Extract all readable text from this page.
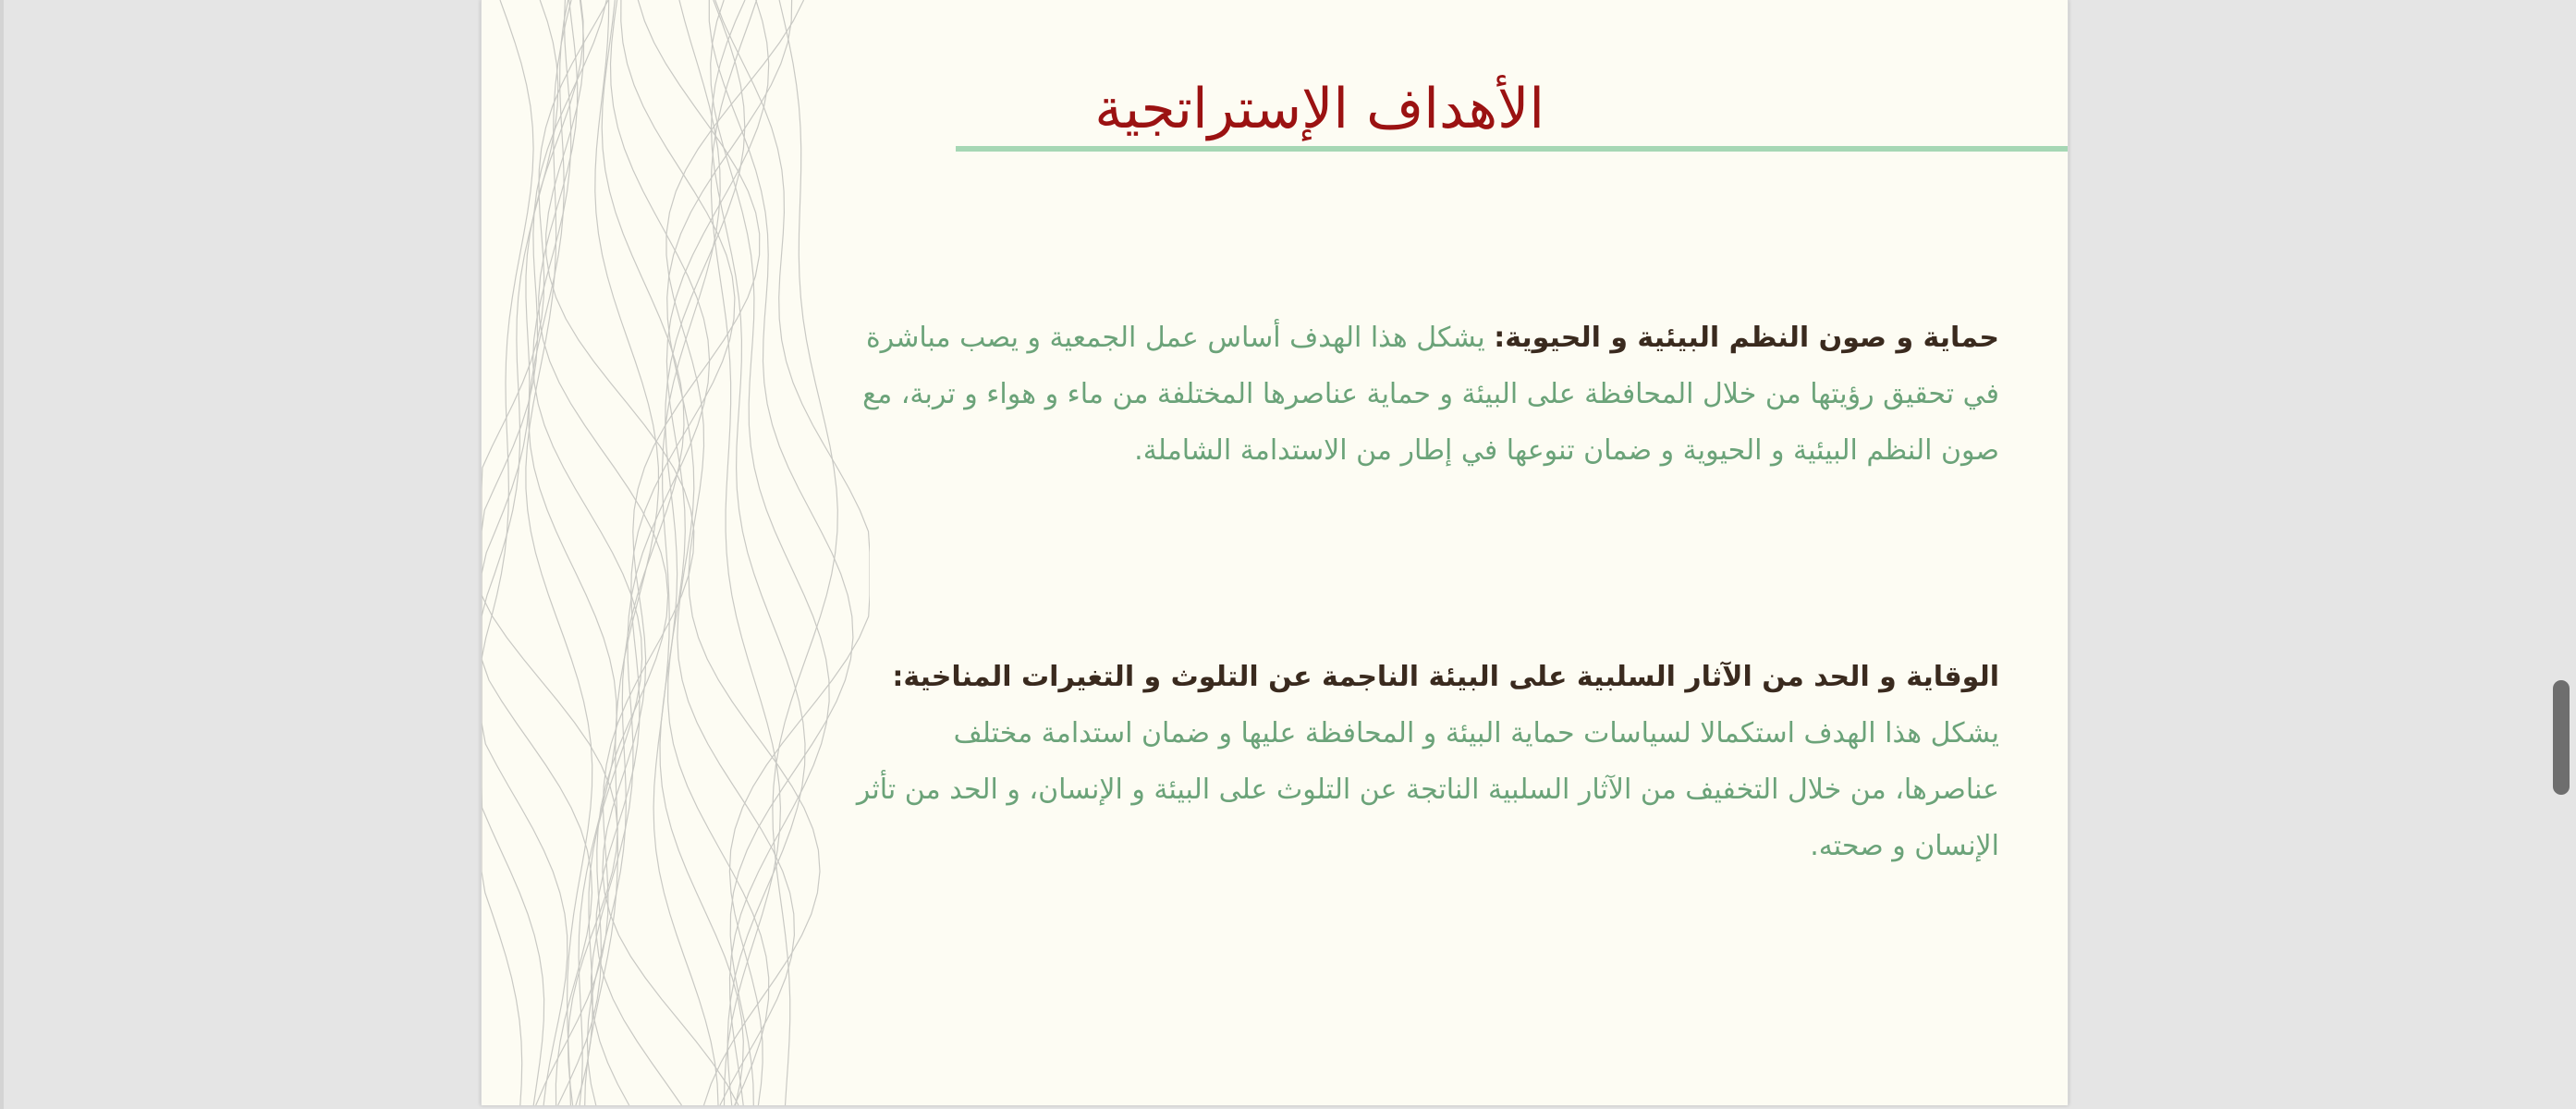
الأهداف الإستراتجية

حماية و صون النظم البيئية و الحيوية: يشكل هذا الهدف أساس عمل الجمعية و يصب مباشرة في تحقيق رؤيتها من خلال المحافظة على البيئة و حماية عناصرها المختلفة من ماء و هواء و تربة، مع صون النظم البيئية و الحيوية و ضمان تنوعها في إطار من الاستدامة الشاملة.

الوقاية و الحد من الآثار السلبية على البيئة الناجمة عن التلوث و التغيرات المناخية:
يشكل هذا الهدف استكمالا لسياسات حماية البيئة و المحافظة عليها و ضمان استدامة مختلف عناصرها، من خلال التخفيف من الآثار السلبية الناتجة عن التلوث على البيئة و الإنسان، و الحد من تأثر الإنسان و صحته.
